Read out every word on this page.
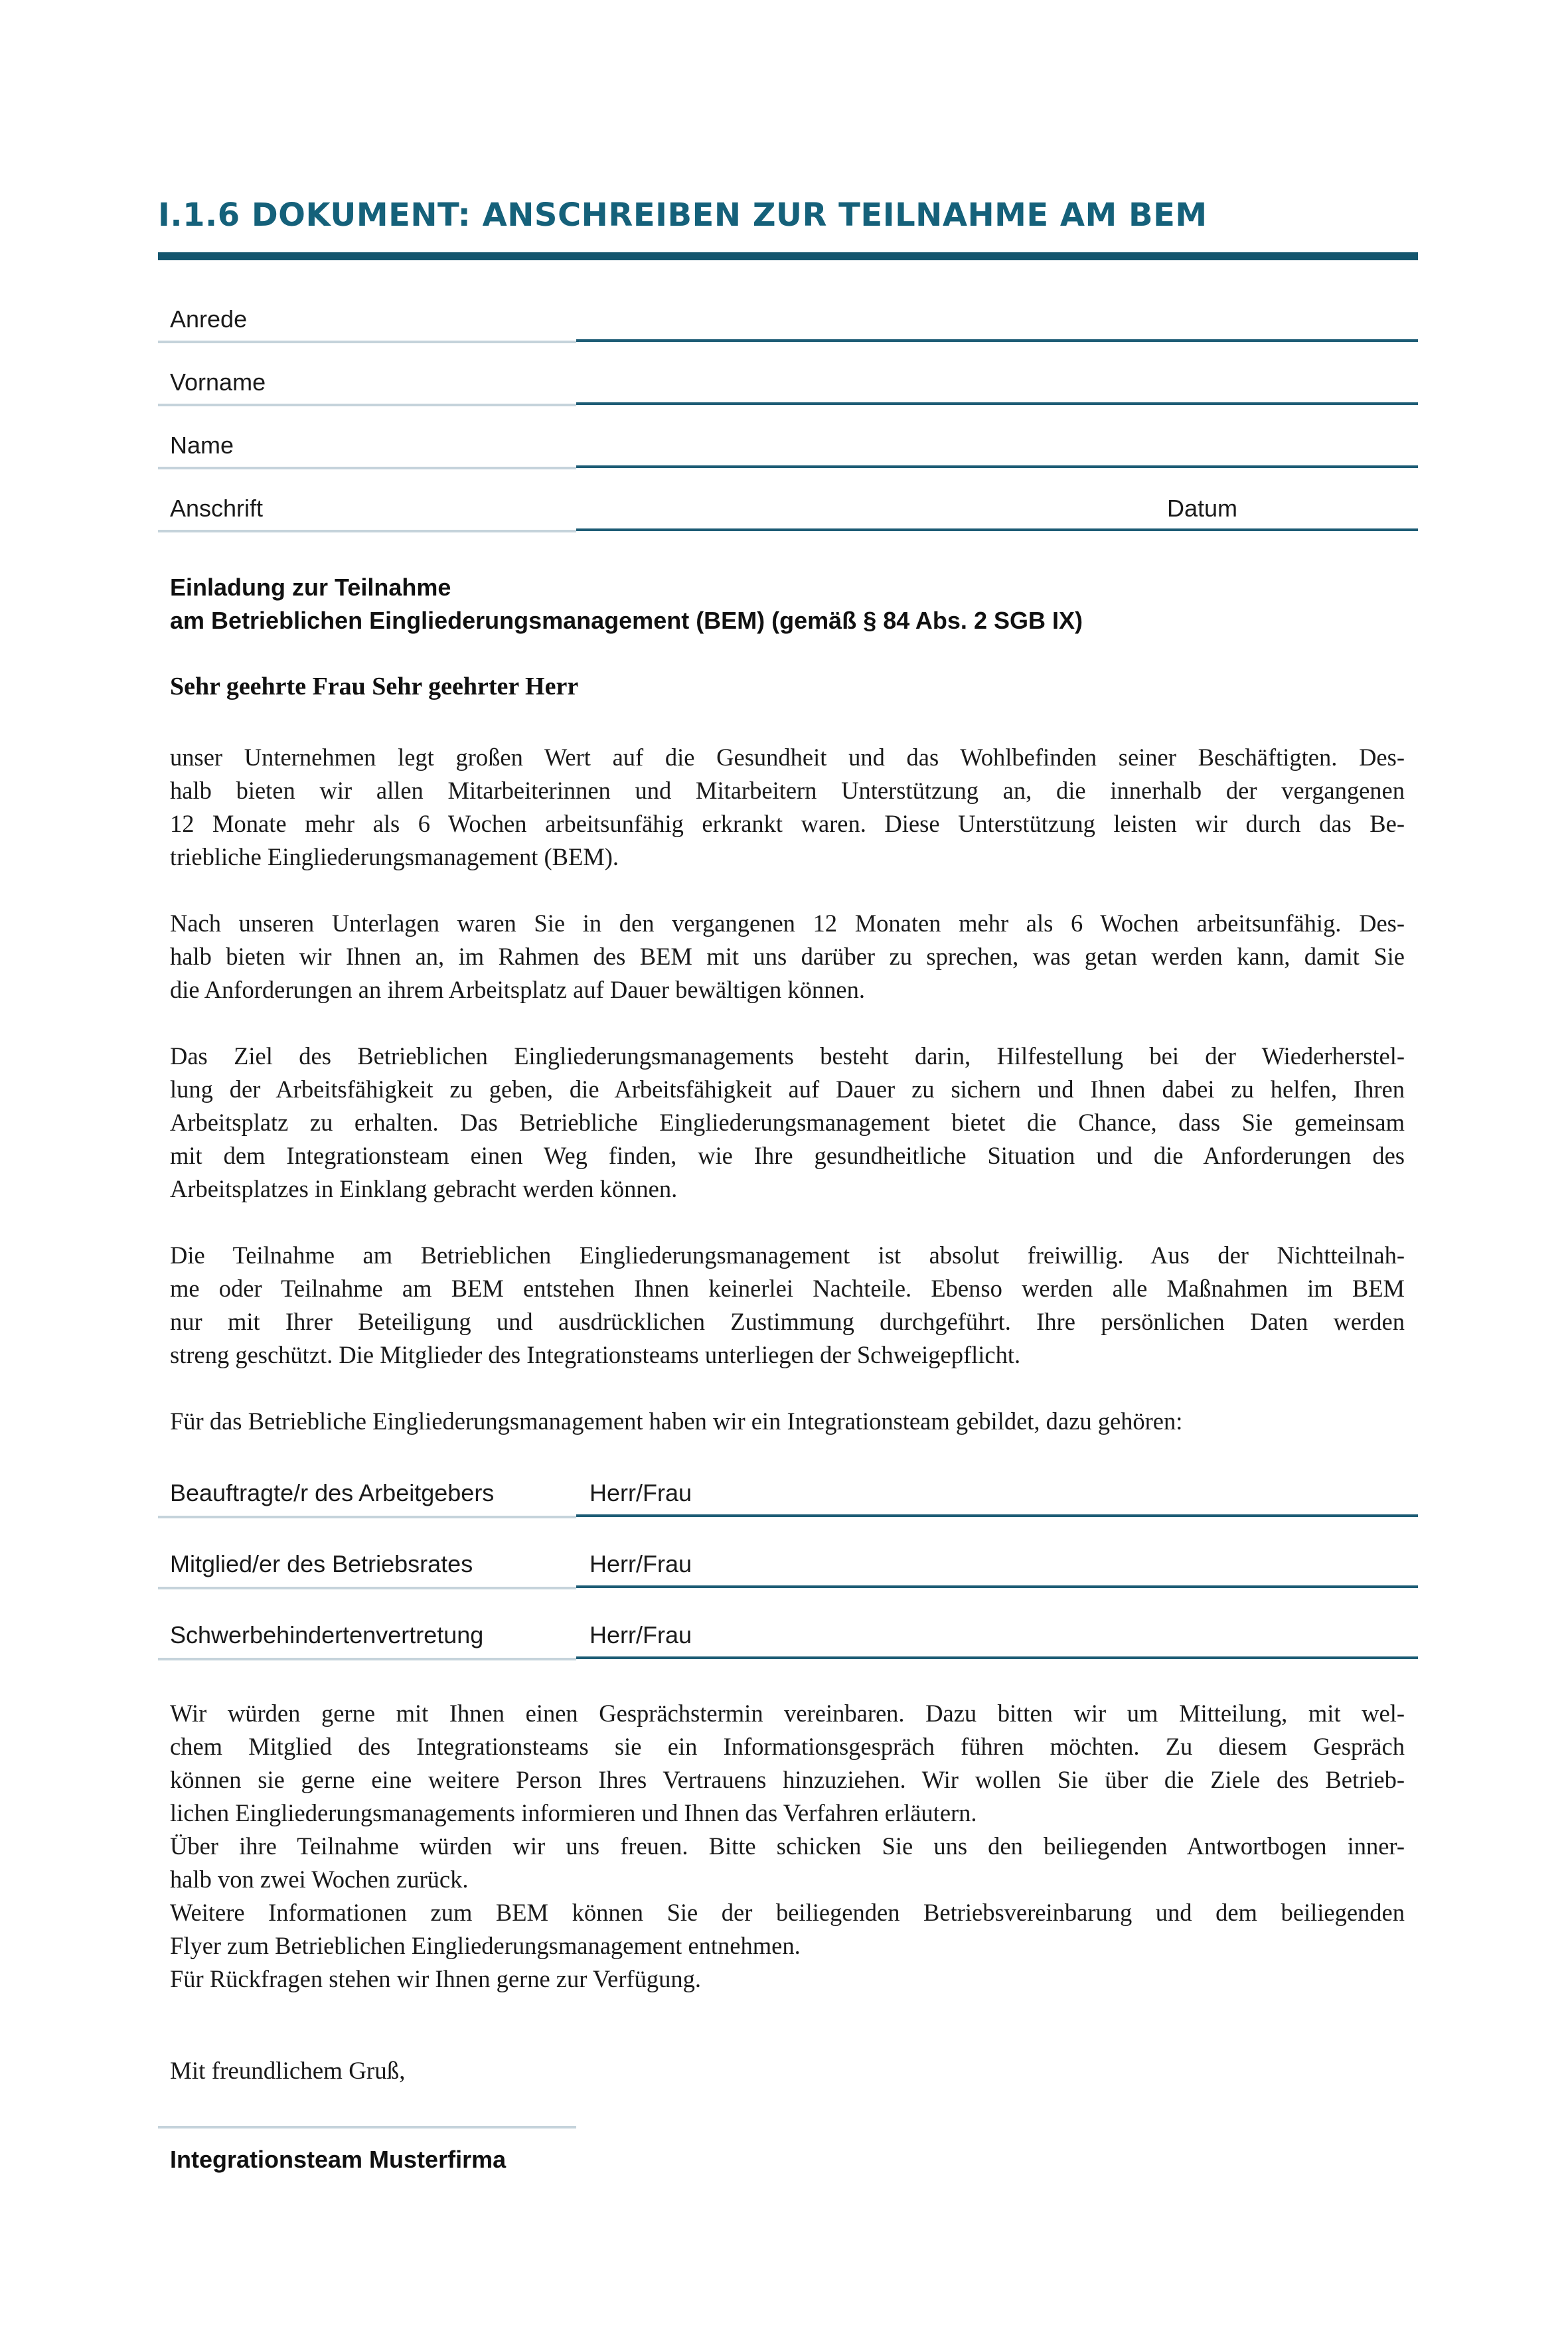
I.1.6 DOKUMENT: ANSCHREIBEN ZUR TEILNAHME AM BEM
Anrede
Vorname
Name
Anschrift	Datum
Einladung zur Teilnahme
am Betrieblichen Eingliederungsmanagement (BEM) (gemäß § 84 Abs. 2 SGB IX)
Sehr geehrte Frau Sehr geehrter Herr
unser Unternehmen legt großen Wert auf die Gesundheit und das Wohlbefinden seiner Beschäftigten. Des-
halb bieten wir allen Mitarbeiterinnen und Mitarbeitern Unterstützung an, die innerhalb der vergangenen
12 Monate mehr als 6 Wochen arbeitsunfähig erkrankt waren. Diese Unterstützung leisten wir durch das Be-
triebliche Eingliederungsmanagement (BEM).
Nach unseren Unterlagen waren Sie in den vergangenen 12 Monaten mehr als 6 Wochen arbeitsunfähig. Des-
halb bieten wir Ihnen an, im Rahmen des BEM mit uns darüber zu sprechen, was getan werden kann, damit Sie
die Anforderungen an ihrem Arbeitsplatz auf Dauer bewältigen können.
Das Ziel des Betrieblichen Eingliederungsmanagements besteht darin, Hilfestellung bei der Wiederherstel-
lung der Arbeitsfähigkeit zu geben, die Arbeitsfähigkeit auf Dauer zu sichern und Ihnen dabei zu helfen, Ihren
Arbeitsplatz zu erhalten. Das Betriebliche Eingliederungsmanagement bietet die Chance, dass Sie gemeinsam
mit dem Integrationsteam einen Weg finden, wie Ihre gesundheitliche Situation und die Anforderungen des
Arbeitsplatzes in Einklang gebracht werden können.
Die Teilnahme am Betrieblichen Eingliederungsmanagement ist absolut freiwillig. Aus der Nichtteilnah-
me oder Teilnahme am BEM entstehen Ihnen keinerlei Nachteile. Ebenso werden alle Maßnahmen im BEM
nur mit Ihrer Beteiligung und ausdrücklichen Zustimmung durchgeführt. Ihre persönlichen Daten werden
streng geschützt. Die Mitglieder des Integrationsteams unterliegen der Schweigepflicht.
Für das Betriebliche Eingliederungsmanagement haben wir ein Integrationsteam gebildet, dazu gehören:
Beauftragte/r des Arbeitgebers	Herr/Frau
Mitglied/er des Betriebsrates	Herr/Frau
Schwerbehindertenvertretung	Herr/Frau
Wir würden gerne mit Ihnen einen Gesprächstermin vereinbaren. Dazu bitten wir um Mitteilung, mit wel-
chem Mitglied des Integrationsteams sie ein Informationsgespräch führen möchten. Zu diesem Gespräch
können sie gerne eine weitere Person Ihres Vertrauens hinzuziehen. Wir wollen Sie über die Ziele des Betrieb-
lichen Eingliederungsmanagements informieren und Ihnen das Verfahren erläutern.
Über ihre Teilnahme würden wir uns freuen. Bitte schicken Sie uns den beiliegenden Antwortbogen inner-
halb von zwei Wochen zurück.
Weitere Informationen zum BEM können Sie der beiliegenden Betriebsvereinbarung und dem beiliegenden
Flyer zum Betrieblichen Eingliederungsmanagement entnehmen.
Für Rückfragen stehen wir Ihnen gerne zur Verfügung.
Mit freundlichem Gruß,
Integrationsteam Musterfirma
